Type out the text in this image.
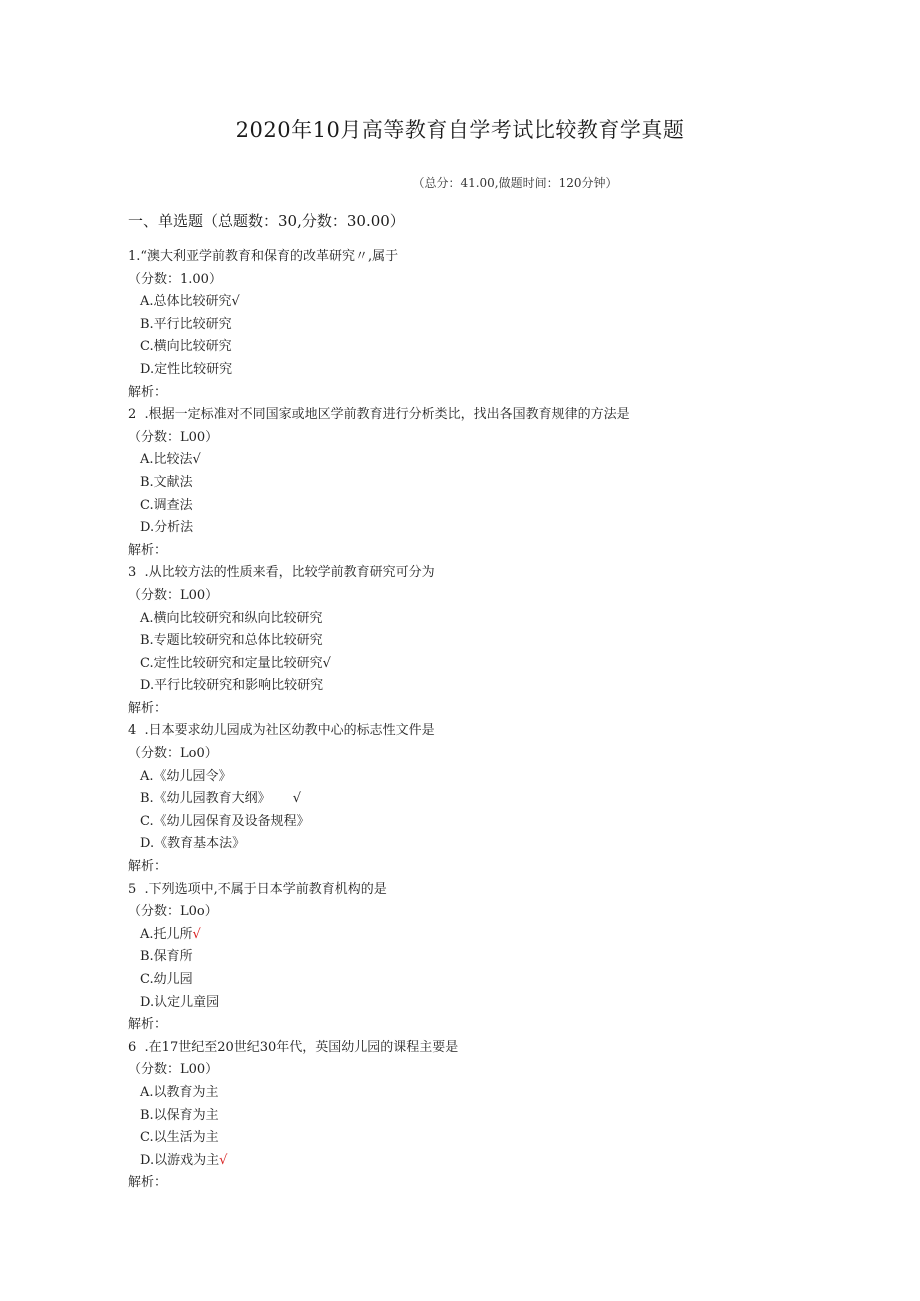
2020年10月高等教育自学考试比较教育学真题
（总分：41.00,做题时间：120分钟）
一、单选题（总题数：30,分数：30.00）
1.“澳大利亚学前教育和保育的改革研究〃,属于
（分数：1.00）
A.总体比较研究√
B.平行比较研究
C.横向比较研究
D.定性比较研究
解析：
2  .根据一定标准对不同国家或地区学前教育进行分析类比，找出各国教育规律的方法是
（分数：L00）
A.比较法√
B.文献法
C.调查法
D.分析法
解析：
3  .从比较方法的性质来看，比较学前教育研究可分为
（分数：L00）
A.横向比较研究和纵向比较研究
B.专题比较研究和总体比较研究
C.定性比较研究和定量比较研究√
D.平行比较研究和影响比较研究
解析：
4  .日本要求幼儿园成为社区幼教中心的标志性文件是
（分数：Lo0）
A.《幼儿园令》
B.《幼儿园教育大纲》 √
C.《幼儿园保育及设备规程》
D.《教育基本法》
解析：
5  .下列选项中,不属于日本学前教育机构的是
（分数：L0o）
A.托儿所√
B.保育所
C.幼儿园
D.认定儿童园
解析：
6  .在17世纪至20世纪30年代，英国幼儿园的课程主要是
（分数：L00）
A.以教育为主
B.以保育为主
C.以生活为主
D.以游戏为主√
解析：
